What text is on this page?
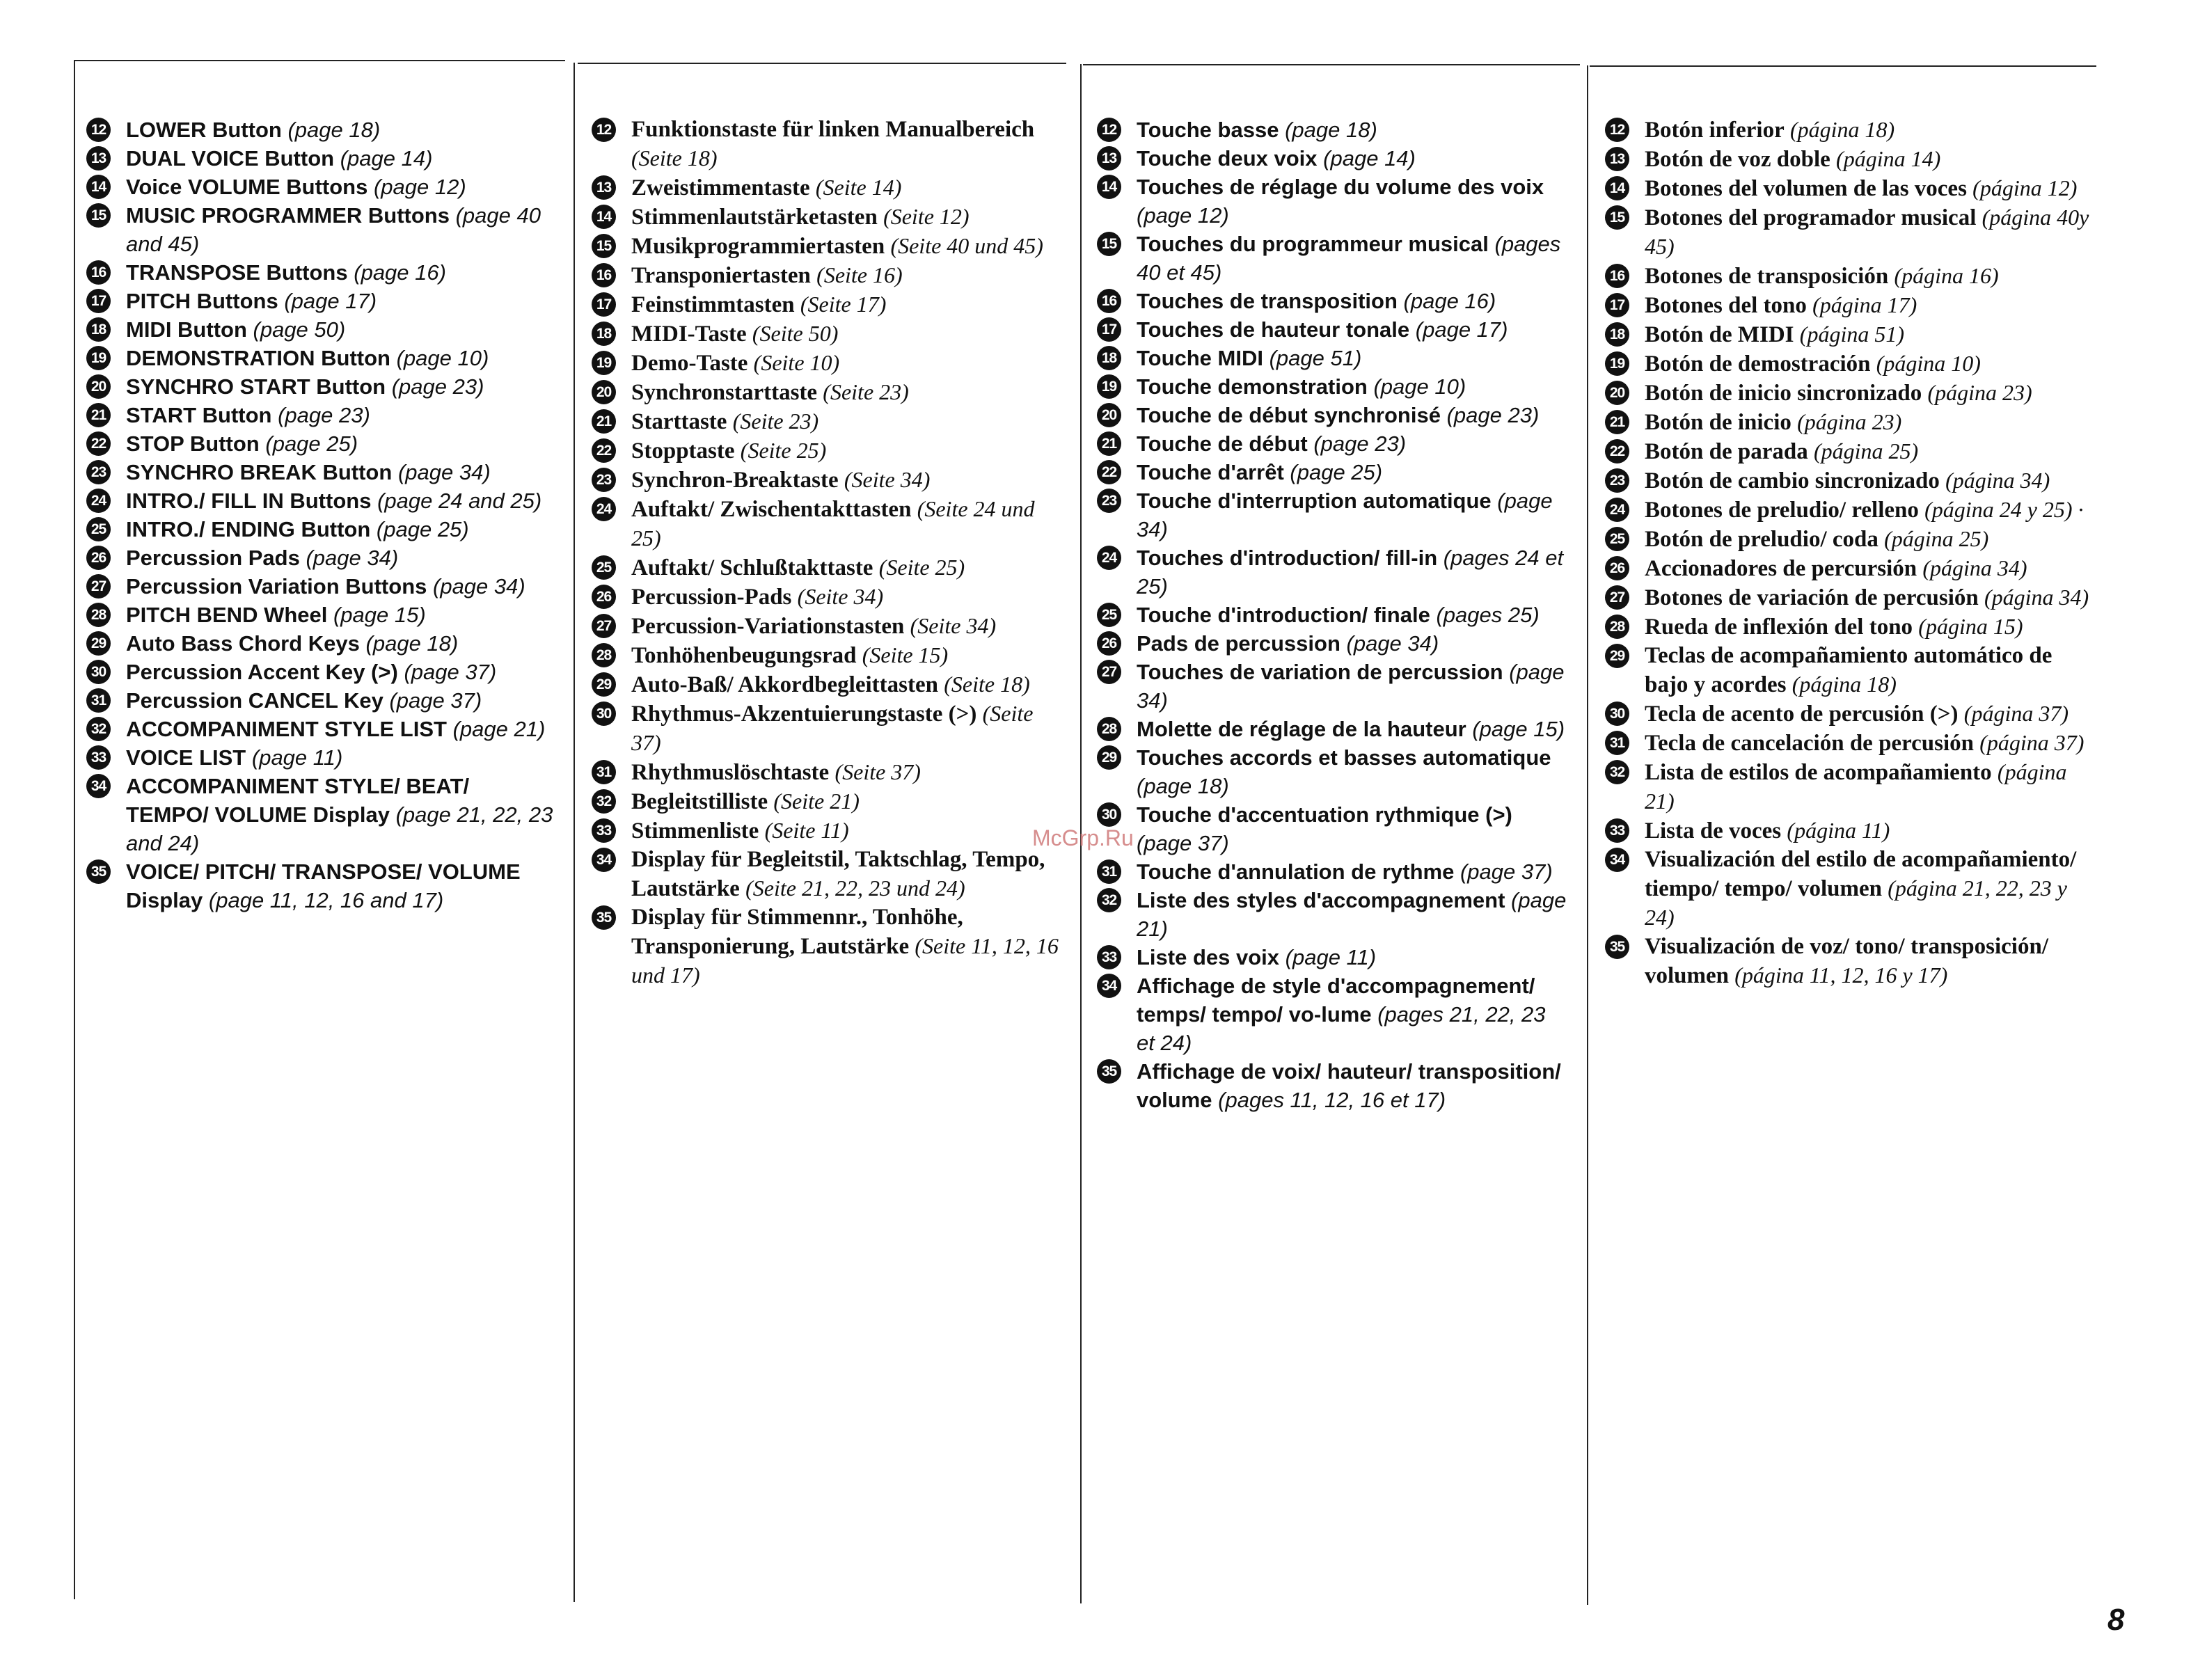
12 LOWER Button (page 18)
13 DUAL VOICE Button (page 14)
14 Voice VOLUME Buttons (page 12)
15 MUSIC PROGRAMMER Buttons (page 40 and 45)
16 TRANSPOSE Buttons (page 16)
17 PITCH Buttons (page 17)
18 MIDI Button (page 50)
19 DEMONSTRATION Button (page 10)
20 SYNCHRO START Button (page 23)
21 START Button (page 23)
22 STOP Button (page 25)
23 SYNCHRO BREAK Button (page 34)
24 INTRO./ FILL IN Buttons (page 24 and 25)
25 INTRO./ ENDING Button (page 25)
26 Percussion Pads (page 34)
27 Percussion Variation Buttons (page 34)
28 PITCH BEND Wheel (page 15)
29 Auto Bass Chord Keys (page 18)
30 Percussion Accent Key (>) (page 37)
31 Percussion CANCEL Key (page 37)
32 ACCOMPANIMENT STYLE LIST (page 21)
33 VOICE LIST (page 11)
34 ACCOMPANIMENT STYLE/ BEAT/ TEMPO/ VOLUME Display (page 21, 22, 23 and 24)
35 VOICE/ PITCH/ TRANSPOSE/ VOLUME Display (page 11, 12, 16 and 17)
12 Funktionstaste für linken Manualbereich (Seite 18)
13 Zweistimmentaste (Seite 14)
14 Stimmenlautstärketasten (Seite 12)
15 Musikprogrammiertasten (Seite 40 und 45)
16 Transponiertasten (Seite 16)
17 Feinstimmtasten (Seite 17)
18 MIDI-Taste (Seite 50)
19 Demo-Taste (Seite 10)
20 Synchronstarttaste (Seite 23)
21 Starttaste (Seite 23)
22 Stopptaste (Seite 25)
23 Synchron-Breaktaste (Seite 34)
24 Auftakt/ Zwischentakttasten (Seite 24 und 25)
25 Auftakt/ Schlußtakttaste (Seite 25)
26 Percussion-Pads (Seite 34)
27 Percussion-Variationstasten (Seite 34)
28 Tonhöhenbeugungsrad (Seite 15)
29 Auto-Baß/ Akkordbegleittasten (Seite 18)
30 Rhythmus-Akzentuierungstaste (>) (Seite 37)
31 Rhythmuslöschtaste (Seite 37)
32 Begleitstilliste (Seite 21)
33 Stimmenliste (Seite 11)
34 Display für Begleitstil, Taktschlag, Tempo, Lautstärke (Seite 21, 22, 23 und 24)
35 Display für Stimmennr., Tonhöhe, Transponierung, Lautstärke (Seite 11, 12, 16 und 17)
12 Touche basse (page 18)
13 Touche deux voix (page 14)
14 Touches de réglage du volume des voix (page 12)
15 Touches du programmeur musical (pages 40 et 45)
16 Touches de transposition (page 16)
17 Touches de hauteur tonale (page 17)
18 Touche MIDI (page 51)
19 Touche demonstration (page 10)
20 Touche de début synchronisé (page 23)
21 Touche de début (page 23)
22 Touche d'arrêt (page 25)
23 Touche d'interruption automatique (page 34)
24 Touches d'introduction/ fill-in (pages 24 et 25)
25 Touche d'introduction/ finale (pages 25)
26 Pads de percussion (page 34)
27 Touches de variation de percussion (page 34)
28 Molette de réglage de la hauteur (page 15)
29 Touches accords et basses automatique (page 18)
30 Touche d'accentuation rythmique (>) (page 37)
31 Touche d'annulation de rythme (page 37)
32 Liste des styles d'accompagnement (page 21)
33 Liste des voix (page 11)
34 Affichage de style d'accompagnement/ temps/ tempo/ vo-lume (pages 21, 22, 23 et 24)
35 Affichage de voix/ hauteur/ transposition/ volume (pages 11, 12, 16 et 17)
12 Botón inferior (página 18)
13 Botón de voz doble (página 14)
14 Botones del volumen de las voces (página 12)
15 Botones del programador musical (página 40y 45)
16 Botones de transposición (página 16)
17 Botones del tono (página 17)
18 Botón de MIDI (página 51)
19 Botón de demostración (página 10)
20 Botón de inicio sincronizado (página 23)
21 Botón de inicio (página 23)
22 Botón de parada (página 25)
23 Botón de cambio sincronizado (página 34)
24 Botones de preludio/ relleno (página 24 y 25) ·
25 Botón de preludio/ coda (página 25)
26 Accionadores de percursión (página 34)
27 Botones de variación de percusión (página 34)
28 Rueda de inflexión del tono (página 15)
29 Teclas de acompañamiento automático de bajo y acordes (página 18)
30 Tecla de acento de percusión (>) (página 37)
31 Tecla de cancelación de percusión (página 37)
32 Lista de estilos de acompañamiento (página 21)
33 Lista de voces (página 11)
34 Visualización del estilo de acompañamiento/ tiempo/ tempo/ volumen (página 21, 22, 23 y 24)
35 Visualización de voz/ tono/ transposición/ volumen (página 11, 12, 16 y 17)
McGrp.Ru
8
